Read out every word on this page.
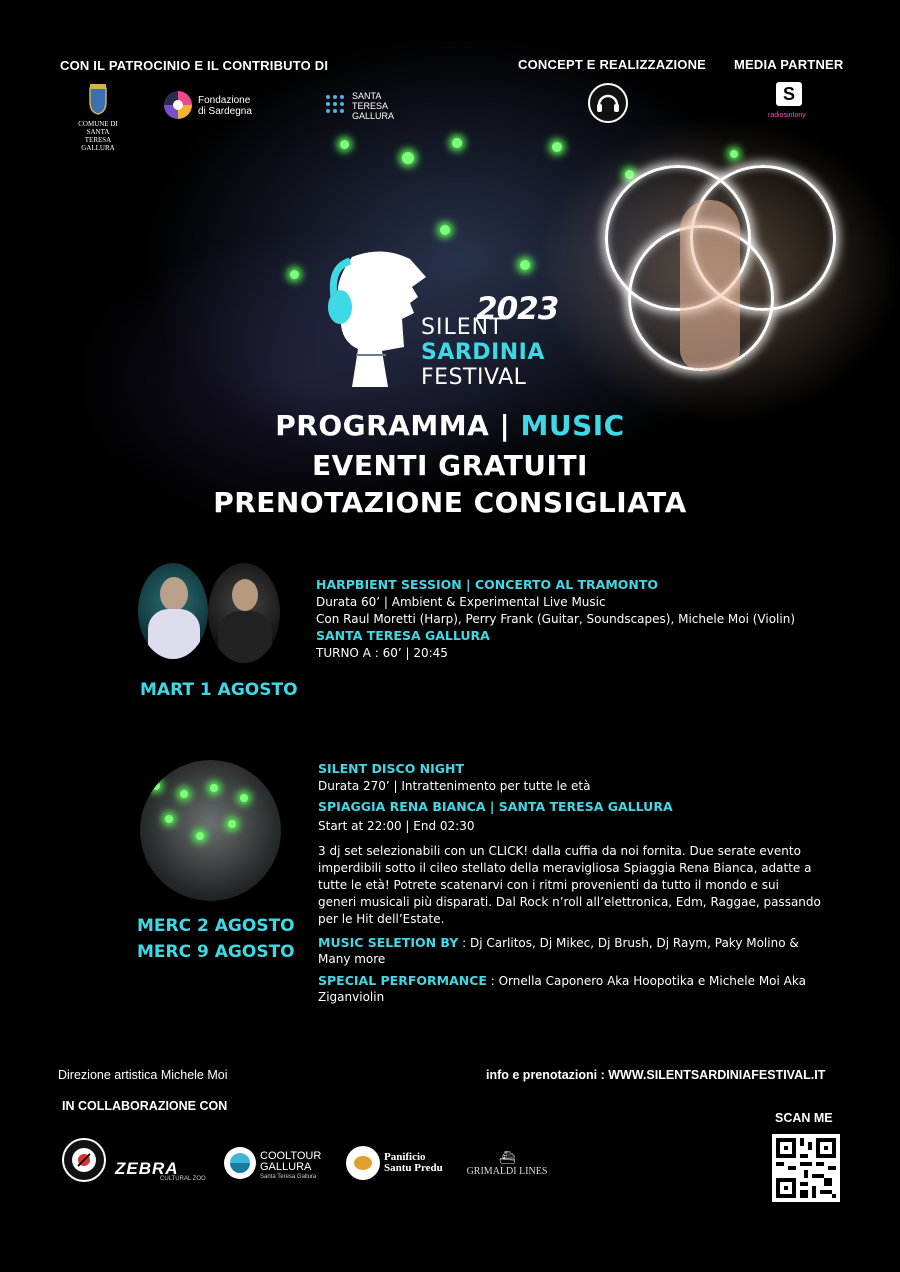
CON IL PATROCINIO E IL CONTRIBUTO DI	CONCEPT E REALIZZAZIONE MEDIA PARTNER
COMUNE DI SANTA
TERESA GALLURA
Fondazione
di Sardegna
SANTA
TERESA
GALLURA
S
radiosintony
2023
SILENT
SARDINIA
FESTIVAL
PROGRAMMA | MUSIC
EVENTI GRATUITI
PRENOTAZIONE CONSIGLIATA
MART 1 AGOSTO
HARPBIENT SESSION | CONCERTO AL TRAMONTO
Durata 60’ | Ambient & Experimental Live Music
Con Raul Moretti (Harp), Perry Frank (Guitar, Soundscapes), Michele Moi (Violin)
SANTA TERESA GALLURA
TURNO A : 60’ | 20:45
MERC 2 AGOSTO
MERC 9 AGOSTO
SILENT DISCO NIGHT
Durata 270’ | Intrattenimento per tutte le età
SPIAGGIA RENA BIANCA | SANTA TERESA GALLURA
Start at 22:00 | End 02:30
3 dj set selezionabili con un CLICK! dalla cuffia da noi fornita. Due serate evento
imperdibili sotto il cileo stellato della meravigliosa Spiaggia Rena Bianca, adatte a
tutte le età! Potrete scatenarvi con i ritmi provenienti da tutto il mondo e sui
generi musicali più disparati. Dal Rock n’roll all’elettronica, Edm, Raggae, passando
per le Hit dell’Estate.
MUSIC SELETION BY : Dj Carlitos, Dj Mikec, Dj Brush, Dj Raym, Paky Molino &
Many more
SPECIAL PERFORMANCE : Ornella Caponero Aka Hoopotika e Michele Moi Aka
Ziganviolin
Direzione artistica Michele Moi	info e prenotazioni : WWW.SILENTSARDINIAFESTIVAL.IT
IN COLLABORAZIONE CON
SCAN ME
ZEBRA
CULTURAL ZOO
COOLTOUR
GALLURA
Santa Teresa Gallura
Panificio
Santu Predu
⛴
GRIMALDI LINES
